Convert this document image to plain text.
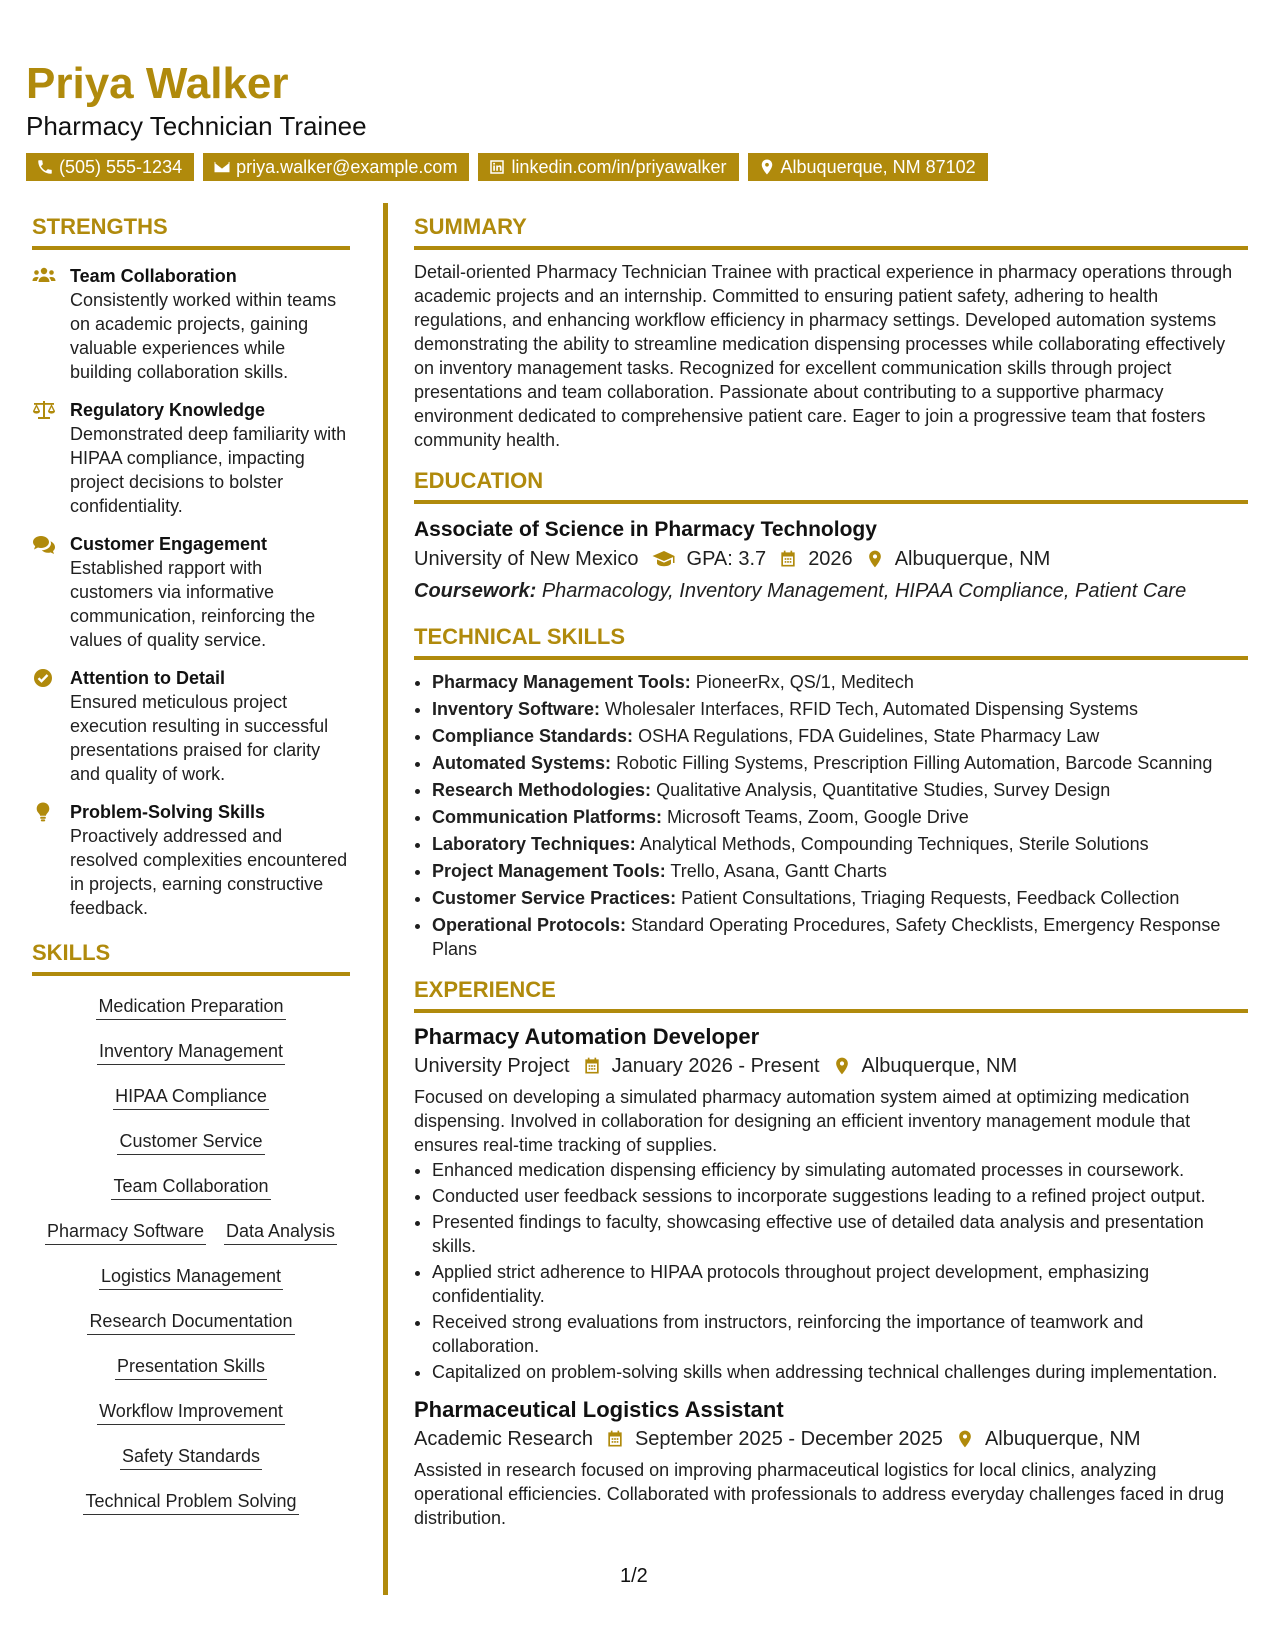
Priya Walker
Pharmacy Technician Trainee
(505) 555-1234	priya.walker@example.com	linkedin.com/in/priyawalker	Albuquerque, NM 87102
STRENGTHS
Team Collaboration
Consistently worked within teams on academic projects, gaining valuable experiences while building collaboration skills.
Regulatory Knowledge
Demonstrated deep familiarity with HIPAA compliance, impacting project decisions to bolster confidentiality.
Customer Engagement
Established rapport with customers via informative communication, reinforcing the values of quality service.
Attention to Detail
Ensured meticulous project execution resulting in successful presentations praised for clarity and quality of work.
Problem-Solving Skills
Proactively addressed and resolved complexities encountered in projects, earning constructive feedback.
SKILLS
Medication Preparation
Inventory Management
HIPAA Compliance
Customer Service
Team Collaboration
Pharmacy Software Data Analysis
Logistics Management
Research Documentation
Presentation Skills
Workflow Improvement
Safety Standards
Technical Problem Solving
SUMMARY

Detail-oriented Pharmacy Technician Trainee with practical experience in pharmacy operations through academic projects and an internship. Committed to ensuring patient safety, adhering to health regulations, and enhancing workflow efficiency in pharmacy settings. Developed automation systems demonstrating the ability to streamline medication dispensing processes while collaborating effectively on inventory management tasks. Recognized for excellent communication skills through project presentations and team collaboration. Passionate about contributing to a supportive pharmacy environment dedicated to comprehensive patient care. Eager to join a progressive team that fosters community health.

EDUCATION
Associate of Science in Pharmacy Technology
University of New Mexico GPA: 3.7 2026 Albuquerque, NM
Coursework: Pharmacology, Inventory Management, HIPAA Compliance, Patient Care
TECHNICAL SKILLS
• Pharmacy Management Tools: PioneerRx, QS/1, Meditech
• Inventory Software: Wholesaler Interfaces, RFID Tech, Automated Dispensing Systems
• Compliance Standards: OSHA Regulations, FDA Guidelines, State Pharmacy Law
• Automated Systems: Robotic Filling Systems, Prescription Filling Automation, Barcode Scanning
• Research Methodologies: Qualitative Analysis, Quantitative Studies, Survey Design
• Communication Platforms: Microsoft Teams, Zoom, Google Drive
• Laboratory Techniques: Analytical Methods, Compounding Techniques, Sterile Solutions
• Project Management Tools: Trello, Asana, Gantt Charts
• Customer Service Practices: Patient Consultations, Triaging Requests, Feedback Collection
• Operational Protocols: Standard Operating Procedures, Safety Checklists, Emergency Response Plans
EXPERIENCE
Pharmacy Automation Developer
University Project January 2026 - Present Albuquerque, NM

Focused on developing a simulated pharmacy automation system aimed at optimizing medication dispensing. Involved in collaboration for designing an efficient inventory management module that ensures real-time tracking of supplies.

• Enhanced medication dispensing efficiency by simulating automated processes in coursework.
• Conducted user feedback sessions to incorporate suggestions leading to a refined project output.
• Presented findings to faculty, showcasing effective use of detailed data analysis and presentation skills.
• Applied strict adherence to HIPAA protocols throughout project development, emphasizing confidentiality.
• Received strong evaluations from instructors, reinforcing the importance of teamwork and collaboration.
• Capitalized on problem-solving skills when addressing technical challenges during implementation.
Pharmaceutical Logistics Assistant
Academic Research September 2025 - December 2025 Albuquerque, NM

Assisted in research focused on improving pharmaceutical logistics for local clinics, analyzing operational efficiencies. Collaborated with professionals to address everyday challenges faced in drug distribution.

1/2
